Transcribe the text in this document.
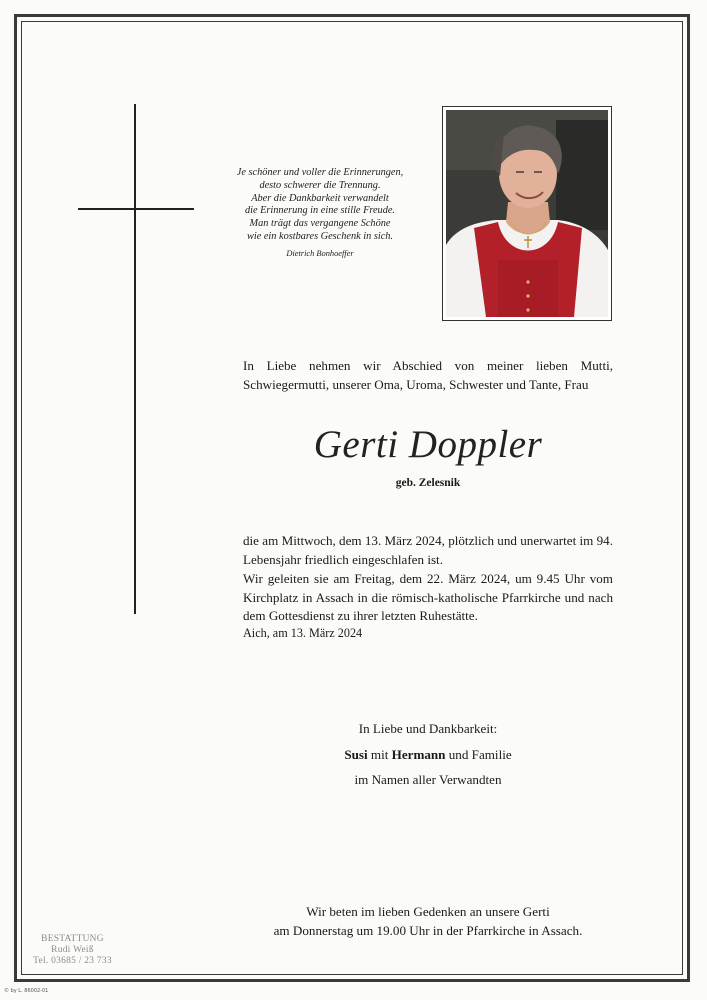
Je schöner und voller die Erinnerungen,
desto schwerer die Trennung.
Aber die Dankbarkeit verwandelt
die Erinnerung in eine stille Freude.
Man trägt das vergangene Schöne
wie ein kostbares Geschenk in sich.
Dietrich Bonhoeffer
In Liebe nehmen wir Abschied von meiner lieben Mutti, Schwiegermutti, unserer Oma, Uroma, Schwester und Tante, Frau
Gerti Doppler
geb. Zelesnik
die am Mittwoch, dem 13. März 2024, plötzlich und unerwartet im 94. Lebensjahr friedlich eingeschlafen ist.
Wir geleiten sie am Freitag, dem 22. März 2024, um 9.45 Uhr vom Kirchplatz in Assach in die römisch-katholische Pfarrkirche und nach dem Gottesdienst zu ihrer letzten Ruhestätte.
Aich, am 13. März 2024
In Liebe und Dankbarkeit:
Susi mit Hermann und Familie
im Namen aller Verwandten
Wir beten im lieben Gedenken an unsere Gerti
am Donnerstag um 19.00 Uhr in der Pfarrkirche in Assach.
BESTATTUNG
Rudi Weiß
Tel. 03685 / 23 733
© by L. 86002-01
